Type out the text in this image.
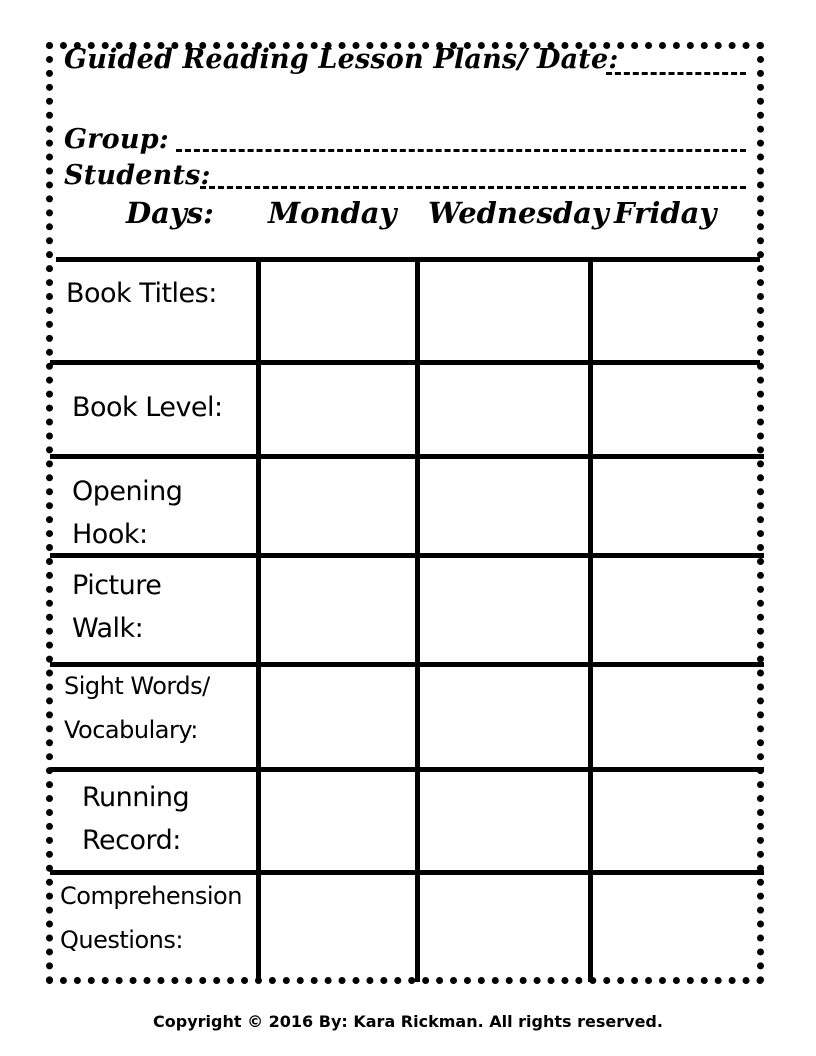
Guided Reading Lesson Plans/ Date:
Group:
Students:
Days: Monday Wednesday Friday
Book Titles:
Book Level:
Opening
Hook:
Picture
Walk:
Sight Words/
Vocabulary:
Running
Record:
Comprehension
Questions:
Copyright © 2016 By: Kara Rickman. All rights reserved.
